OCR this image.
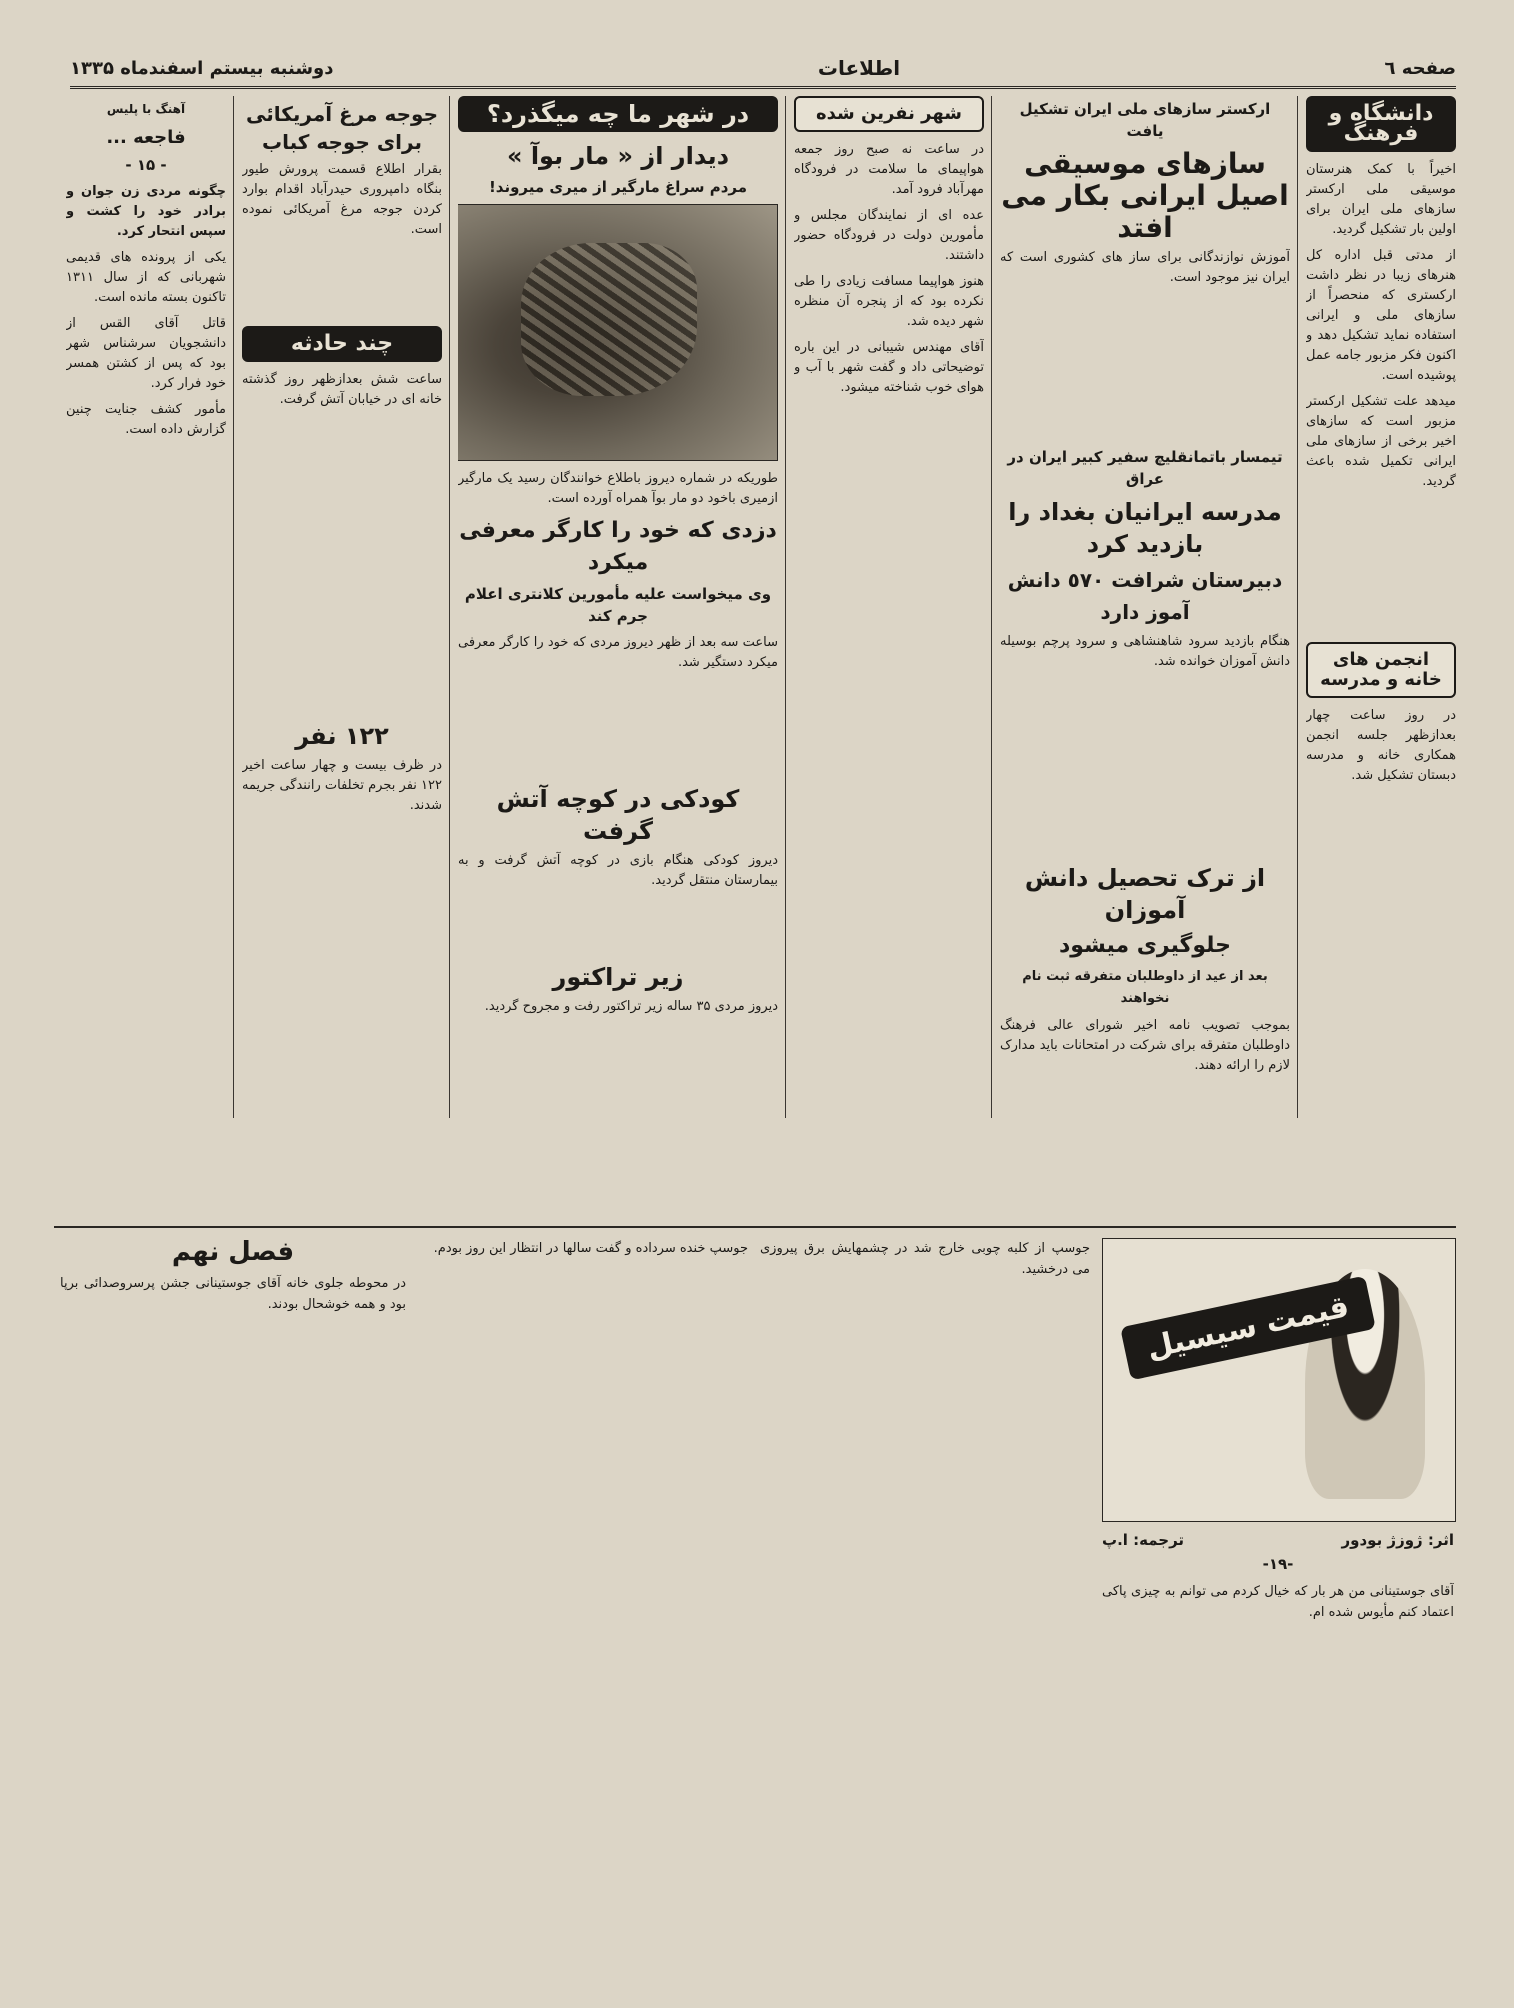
صفحه ٦
اطلاعات
دوشنبه بیستم اسفندماه ۱۳۳۵
دانشگاه و فرهنگ

اخیراً با کمک هنرستان موسیقی ملی ارکستر سازهای ملی ایران برای اولین بار تشکیل گردید.

از مدتی قبل اداره کل هنرهای زیبا در نظر داشت ارکستری که منحصراً از سازهای ملی و ایرانی استفاده نماید تشکیل دهد و اکنون فکر مزبور جامه عمل پوشیده است.

میدهد علت تشکیل ارکستر مزبور است که سازهای اخیر برخی از سازهای ملی ایرانی تکمیل شده باعث گردید.

انجمن های خانه و مدرسه

در روز ساعت چهار بعدازظهر جلسه انجمن همکاری خانه و مدرسه دبستان تشکیل شد.

ارکستر سازهای ملی ایران تشکیل یافت
سازهای موسیقی اصیل ایرانی بکار می افتد

آموزش نوازندگانی برای ساز های کشوری است که ایران نیز موجود است.

تیمسار باتمانقلیچ سفیر کبیر ایران در عراق
مدرسه ایرانیان بغداد را بازدید کرد
دبیرستان شرافت ٥٧٠ دانش آموز دارد

هنگام بازدید سرود شاهنشاهی و سرود پرچم بوسیله دانش آموزان خوانده شد.

از ترک تحصیل دانش آموزان
جلوگیری میشود
بعد از عید از داوطلبان متفرقه ثبت نام نخواهند

بموجب تصویب نامه اخیر شورای عالی فرهنگ داوطلبان متفرقه برای شرکت در امتحانات باید مدارک لازم را ارائه دهند.

شهر نفرین شده

در ساعت نه صبح روز جمعه هواپیمای ما سلامت در فرودگاه مهرآباد فرود آمد.

عده ای از نمایندگان مجلس و مأمورین دولت در فرودگاه حضور داشتند.

هنوز هواپیما مسافت زیادی را طی نکرده بود که از پنجره آن منظره شهر دیده شد.

آقای مهندس شیبانی در این باره توضیحاتی داد و گفت شهر با آب و هوای خوب شناخته میشود.

در شهر ما چه میگذرد؟
دیدار از « مار بوآ »
مردم سراغ مارگیر از میری میروند!

طوریکه در شماره دیروز باطلاع خوانندگان رسید یک مارگیر ازمیری باخود دو مار بوآ همراه آورده است.

دزدی که خود را کارگر معرفی میکرد
وی میخواست علیه مأمورین کلانتری اعلام جرم کند

ساعت سه بعد از ظهر دیروز مردی که خود را کارگر معرفی میکرد دستگیر شد.

کودکی در کوچه آتش گرفت

دیروز کودکی هنگام بازی در کوچه آتش گرفت و به بیمارستان منتقل گردید.

زیر تراکتور

دیروز مردی ۳۵ ساله زیر تراکتور رفت و مجروح گردید.

جوجه مرغ آمریکائی برای جوجه کباب

بقرار اطلاع قسمت پرورش طیور بنگاه دامپروری حیدرآباد اقدام بوارد کردن جوجه مرغ آمریکائی نموده است.

چند حادثه

ساعت شش بعدازظهر روز گذشته خانه ای در خیابان آتش گرفت.

۱۲۲ نفر

در ظرف بیست و چهار ساعت اخیر ۱۲۲ نفر بجرم تخلفات رانندگی جریمه شدند.

آهنگ با پلیس
فاجعه ...
- ۱۵ -

چگونه مردی زن جوان و برادر خود را کشت و سپس انتحار کرد.

یکی از پرونده های قدیمی شهربانی که از سال ۱۳۱۱ تاکنون بسته مانده است.

قاتل آقای القس از دانشجویان سرشناس شهر بود که پس از کشتن همسر خود فرار کرد.

مأمور کشف جنایت چنین گزارش داده است.

قیمت سیسیل
اثر: ژوزژ بودور
ترجمه: ا.پ
-۱۹-

آقای جوستینانی من هر بار که خیال کردم می توانم به چیزی پاکی اعتماد کنم مأیوس شده ام.

جوسپ از کلبه چوبی خارج شد در چشمهایش برق پیروزی می درخشید.

جوسپ خنده سرداده و گفت سالها در انتظار این روز بودم.

فصل نهم

در محوطه جلوی خانه آقای جوستینانی جشن پرسروصدائی برپا بود و همه خوشحال بودند.
